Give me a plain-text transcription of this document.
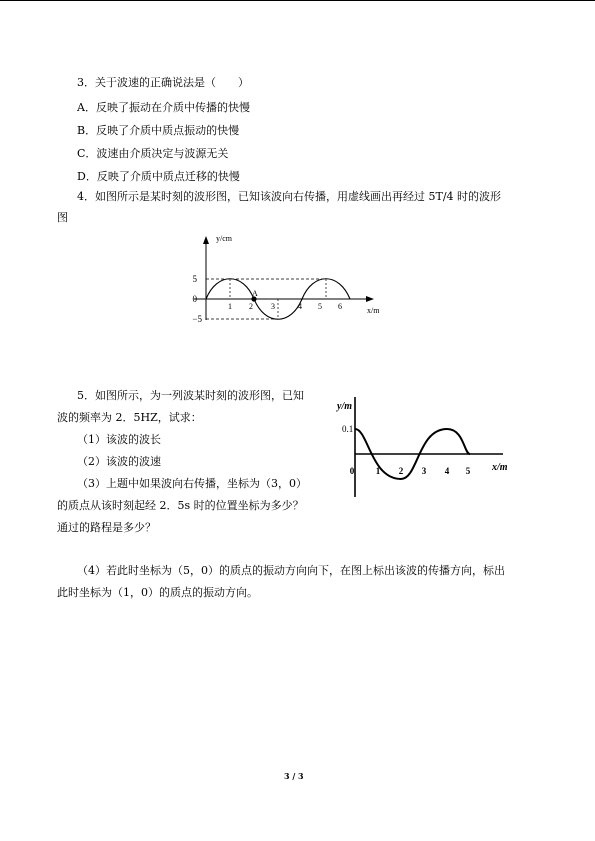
3．关于波速的正确说法是（　　）
A．反映了振动在介质中传播的快慢
B．反映了介质中质点振动的快慢
C．波速由介质决定与波源无关
D．反映了介质中质点迁移的快慢
4．如图所示是某时刻的波形图，已知该波向右传播，用虚线画出再经过 5T/4 时的波形
图
A
y/cm
x/m
5
0
−5
1 2 3	4 5 6
5．如图所示，为一列波某时刻的波形图，已知
波的频率为 2．5HZ，试求：
（1）该波的波长
（2）该波的波速
（3）上题中如果波向右传播，坐标为（3，0）
的质点从该时刻起经 2．5s 时的位置坐标为多少？
通过的路程是多少？
y/m
x/m
0.1
0 1 2 3 4 5
（4）若此时坐标为（5，0）的质点的振动方向向下，在图上标出该波的传播方向，标出
此时坐标为（1，0）的质点的振动方向。
3 / 3
